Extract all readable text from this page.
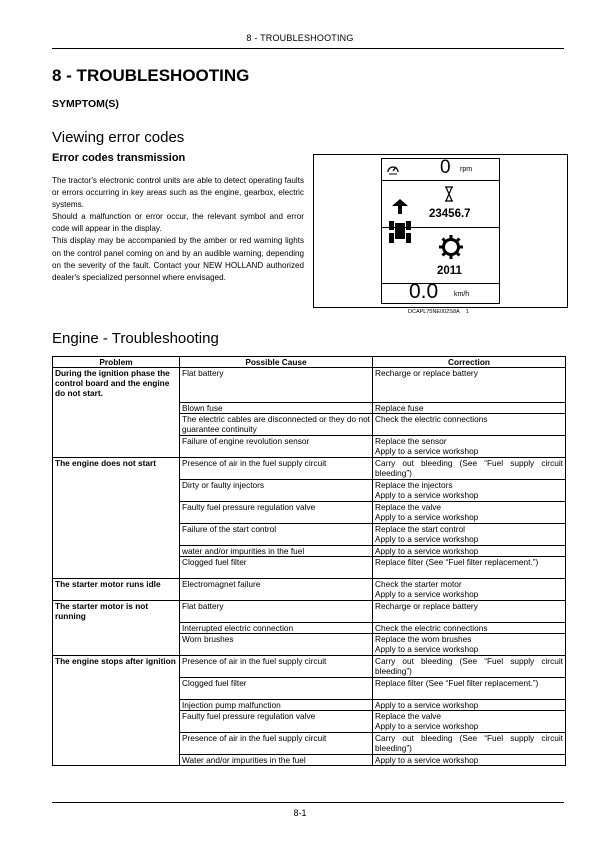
8 - TROUBLESHOOTING
8 - TROUBLESHOOTING
SYMPTOM(S)
Viewing error codes
Error codes transmission

The tractor's electronic control units are able to detect operating faults or errors occurring in key areas such as the engine, gearbox, electric systems.

Should a malfunction or error occur, the relevant symbol and error code will appear in the display.

This display may be accompanied by the amber or red warning lights on the control panel coming on and by an audible warning, depending on the severity of the fault. Contact your NEW HOLLAND authorized dealer's specialized personnel where envisaged.

0 rpm
23456.7
2011
0.0 km/h
DCAPL75NE002S8A 1
Engine - Troubleshooting
Problem	Possible Cause	Correction
During the ignition phase the control board and the engine do not start.	Flat battery	Recharge or replace battery
	Blown fuse	Replace fuse
	The electric cables are disconnected or they do not guarantee continuity	Check the electric connections
	Failure of engine revolution sensor	Replace the sensor
Apply to a service workshop
The engine does not start	Presence of air in the fuel supply circuit	Carry out bleeding (See “Fuel supply circuit bleeding”)
	Dirty or faulty injectors	Replace the injectors
Apply to a service workshop
	Faulty fuel pressure regulation valve	Replace the valve
Apply to a service workshop
	Failure of the start control	Replace the start control
Apply to a service workshop
	water and/or impurities in the fuel	Apply to a service workshop
	Clogged fuel filter	Replace filter (See “Fuel filter replacement.”)
The starter motor runs idle	Electromagnet failure	Check the starter motor
Apply to a service workshop
The starter motor is not running	Flat battery	Recharge or replace battery
	Interrupted electric connection	Check the electric connections
	Worn brushes	Replace the worn brushes
Apply to a service workshop
The engine stops after ignition	Presence of air in the fuel supply circuit	Carry out bleeding (See “Fuel supply circuit bleeding”)
	Clogged fuel filter	Replace filter (See “Fuel filter replacement.”)
	Injection pump malfunction	Apply to a service workshop
	Faulty fuel pressure regulation valve	Replace the valve
Apply to a service workshop
	Presence of air in the fuel supply circuit	Carry out bleeding (See “Fuel supply circuit bleeding”)
	Water and/or impurities in the fuel	Apply to a service workshop
8-1
